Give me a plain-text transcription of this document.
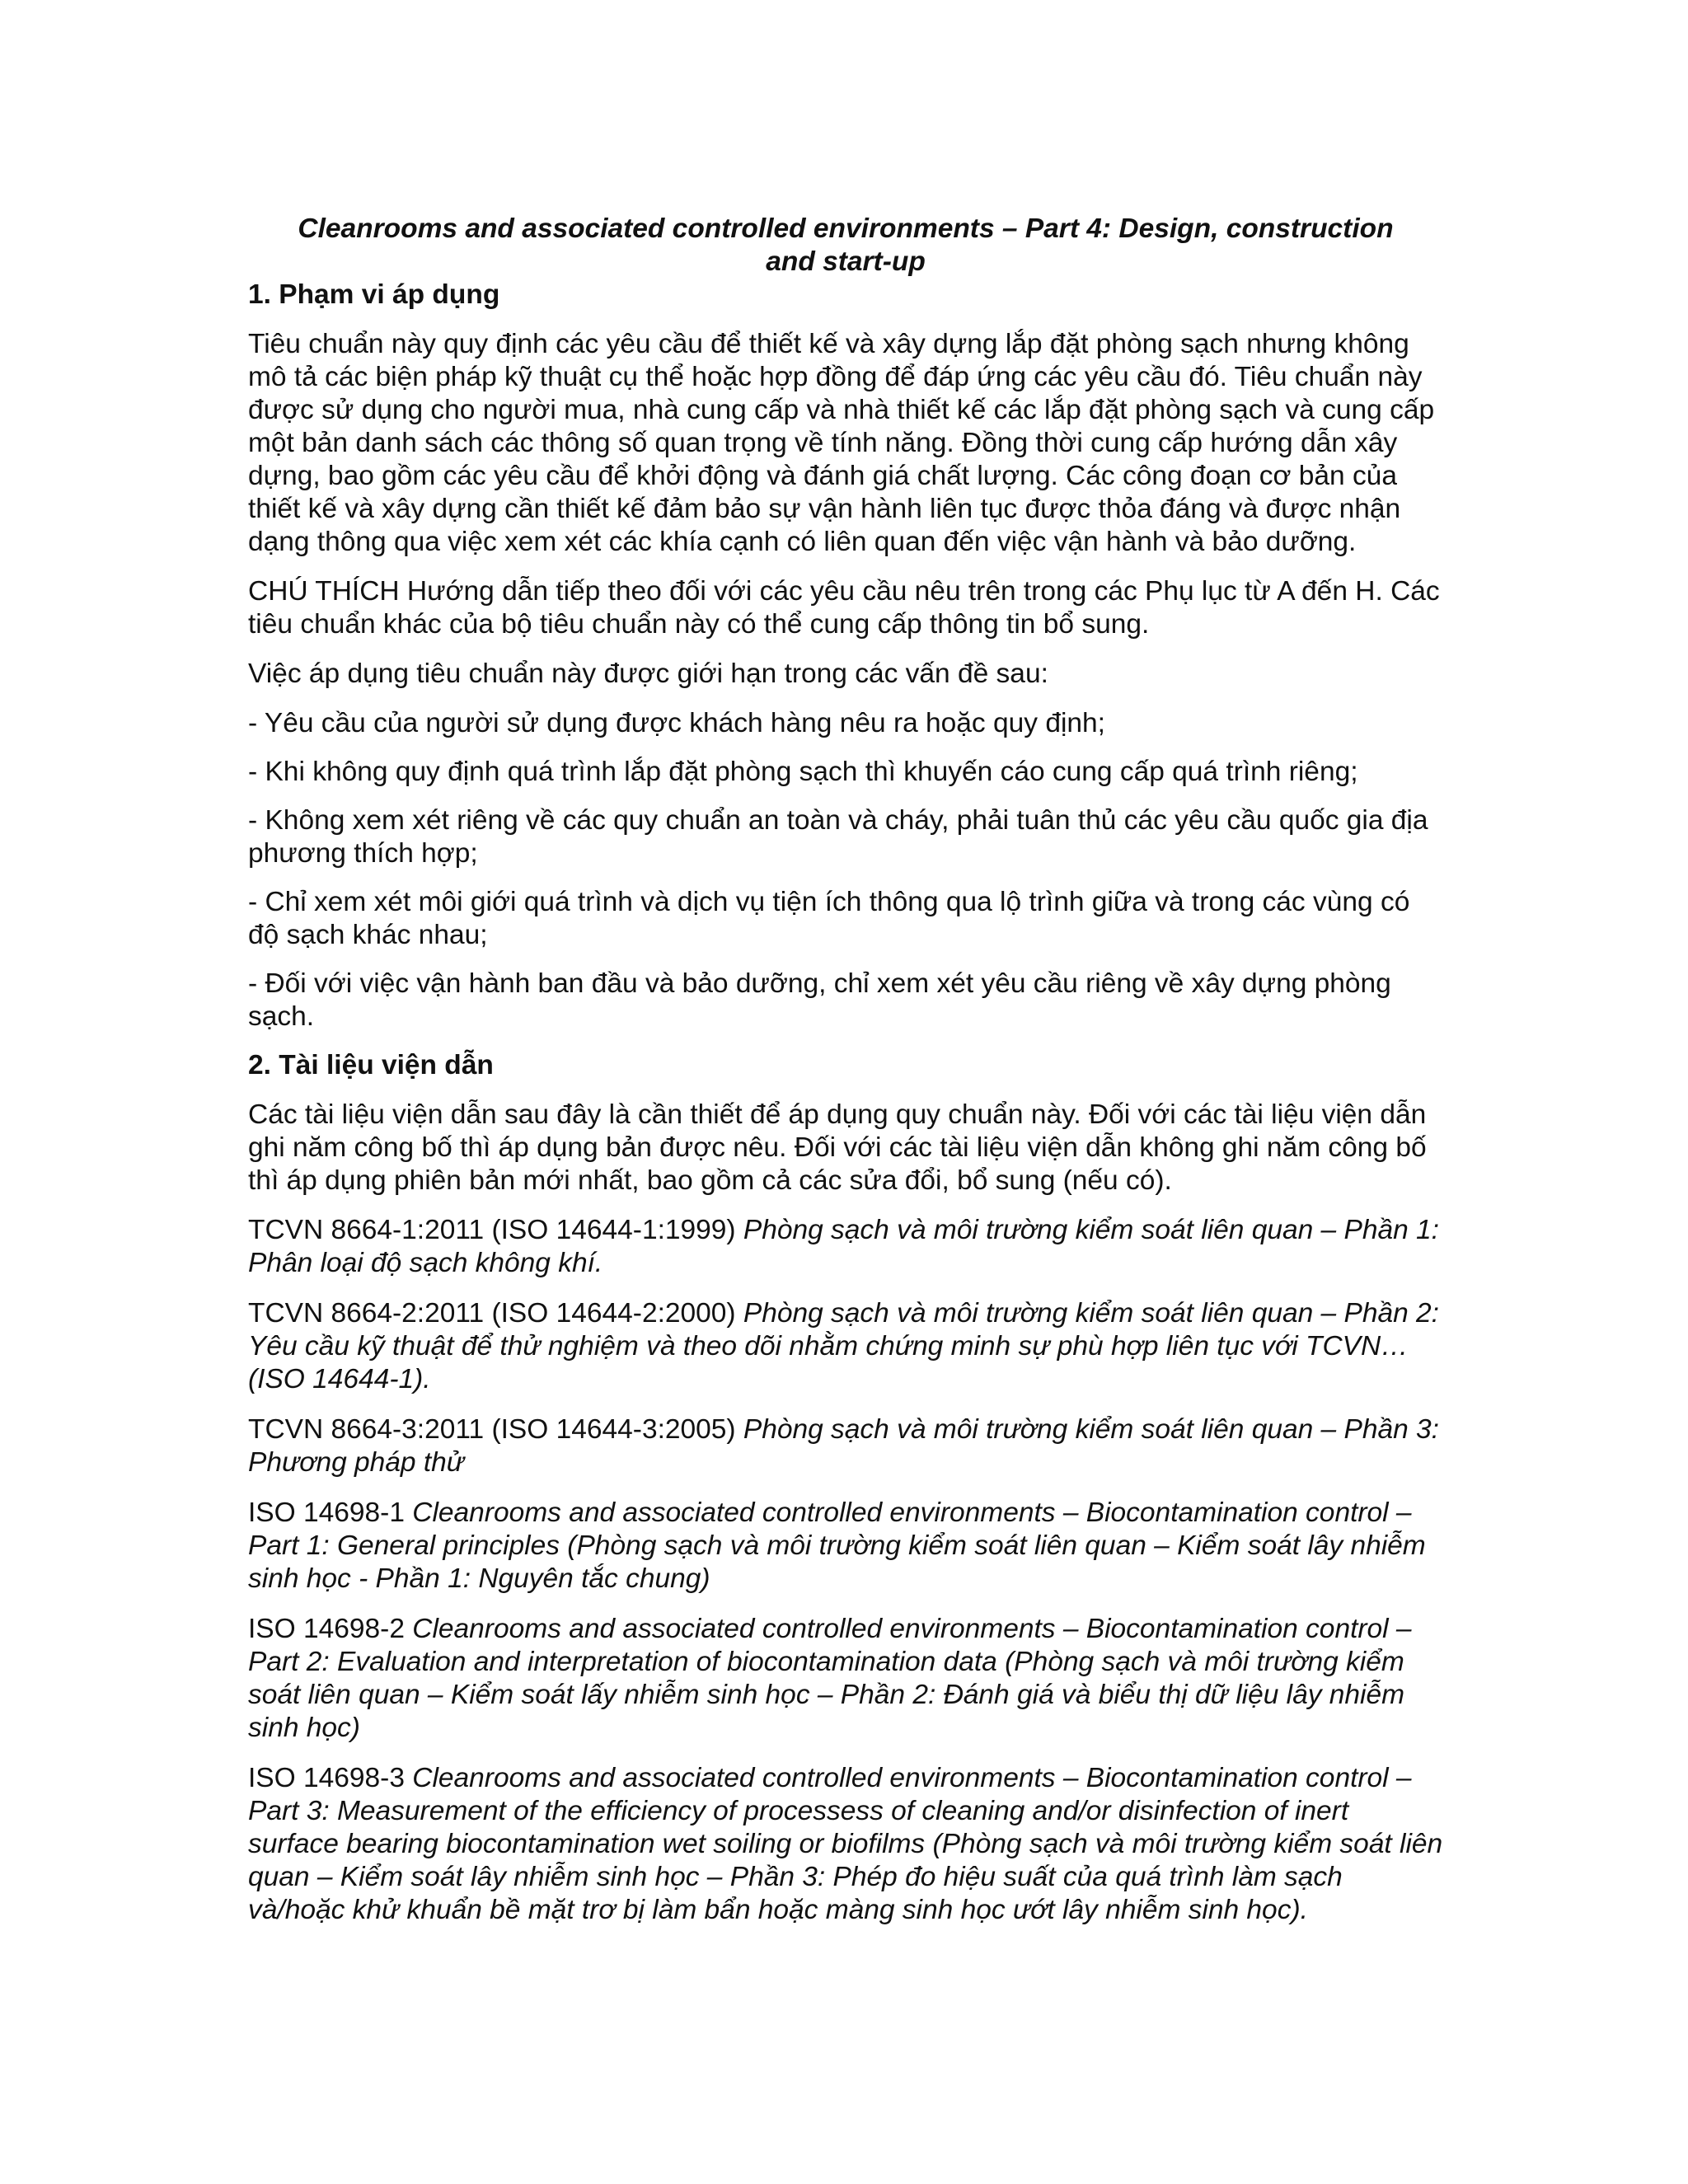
Cleanrooms and associated controlled environments – Part 4: Design, construction and start-up
1. Phạm vi áp dụng

Tiêu chuẩn này quy định các yêu cầu để thiết kế và xây dựng lắp đặt phòng sạch nhưng không mô tả các biện pháp kỹ thuật cụ thể hoặc hợp đồng để đáp ứng các yêu cầu đó. Tiêu chuẩn này được sử dụng cho người mua, nhà cung cấp và nhà thiết kế các lắp đặt phòng sạch và cung cấp một bản danh sách các thông số quan trọng về tính năng. Đồng thời cung cấp hướng dẫn xây dựng, bao gồm các yêu cầu để khởi động và đánh giá chất lượng. Các công đoạn cơ bản của thiết kế và xây dựng cần thiết kế đảm bảo sự vận hành liên tục được thỏa đáng và được nhận dạng thông qua việc xem xét các khía cạnh có liên quan đến việc vận hành và bảo dưỡng.

CHÚ THÍCH Hướng dẫn tiếp theo đối với các yêu cầu nêu trên trong các Phụ lục từ A đến H. Các tiêu chuẩn khác của bộ tiêu chuẩn này có thể cung cấp thông tin bổ sung.

Việc áp dụng tiêu chuẩn này được giới hạn trong các vấn đề sau:

- Yêu cầu của người sử dụng được khách hàng nêu ra hoặc quy định;

- Khi không quy định quá trình lắp đặt phòng sạch thì khuyến cáo cung cấp quá trình riêng;

- Không xem xét riêng về các quy chuẩn an toàn và cháy, phải tuân thủ các yêu cầu quốc gia địa phương thích hợp;

- Chỉ xem xét môi giới quá trình và dịch vụ tiện ích thông qua lộ trình giữa và trong các vùng có độ sạch khác nhau;

- Đối với việc vận hành ban đầu và bảo dưỡng, chỉ xem xét yêu cầu riêng về xây dựng phòng sạch.

2. Tài liệu viện dẫn

Các tài liệu viện dẫn sau đây là cần thiết để áp dụng quy chuẩn này. Đối với các tài liệu viện dẫn ghi năm công bố thì áp dụng bản được nêu. Đối với các tài liệu viện dẫn không ghi năm công bố thì áp dụng phiên bản mới nhất, bao gồm cả các sửa đổi, bổ sung (nếu có).

TCVN 8664-1:2011 (ISO 14644-1:1999) Phòng sạch và môi trường kiểm soát liên quan – Phần 1: Phân loại độ sạch không khí.

TCVN 8664-2:2011 (ISO 14644-2:2000) Phòng sạch và môi trường kiểm soát liên quan – Phần 2: Yêu cầu kỹ thuật để thử nghiệm và theo dõi nhằm chứng minh sự phù hợp liên tục với TCVN…(ISO 14644-1).

TCVN 8664-3:2011 (ISO 14644-3:2005) Phòng sạch và môi trường kiểm soát liên quan – Phần 3: Phương pháp thử

ISO 14698-1 Cleanrooms and associated controlled environments – Biocontamination control – Part 1: General principles (Phòng sạch và môi trường kiểm soát liên quan – Kiểm soát lây nhiễm sinh học - Phần 1: Nguyên tắc chung)

ISO 14698-2 Cleanrooms and associated controlled environments – Biocontamination control – Part 2: Evaluation and interpretation of biocontamination data (Phòng sạch và môi trường kiểm soát liên quan – Kiểm soát lấy nhiễm sinh học – Phần 2: Đánh giá và biểu thị dữ liệu lây nhiễm sinh học)

ISO 14698-3 Cleanrooms and associated controlled environments – Biocontamination control – Part 3: Measurement of the efficiency of processess of cleaning and/or disinfection of inert surface bearing biocontamination wet soiling or biofilms (Phòng sạch và môi trường kiểm soát liên quan – Kiểm soát lây nhiễm sinh học – Phần 3: Phép đo hiệu suất của quá trình làm sạch và/hoặc khử khuẩn bề mặt trơ bị làm bẩn hoặc màng sinh học ướt lây nhiễm sinh học).
